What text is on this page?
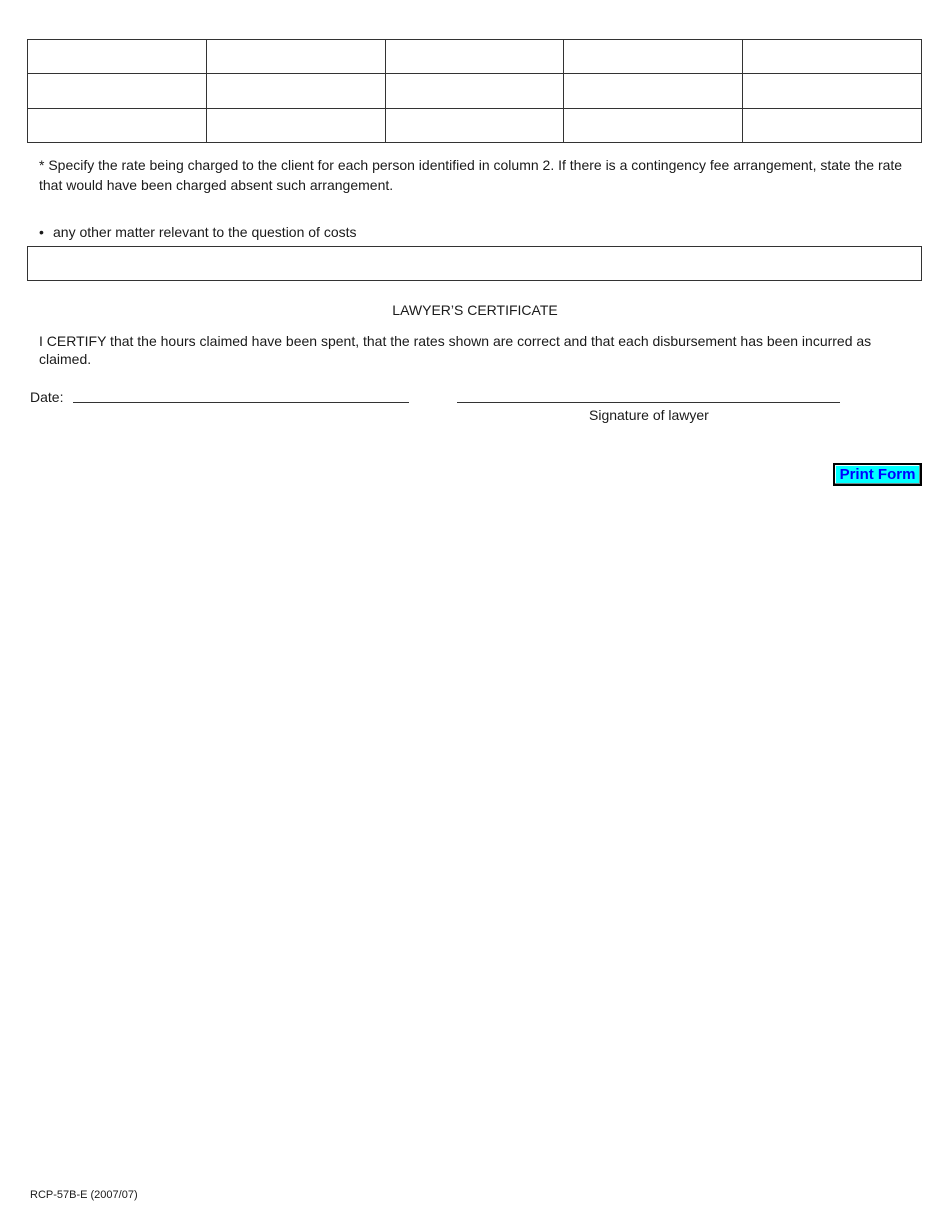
* Specify the rate being charged to the client for each person identified in column 2. If there is a contingency fee arrangement, state the rate that would have been charged absent such arrangement.
• any other matter relevant to the question of costs
LAWYER’S CERTIFICATE
I CERTIFY that the hours claimed have been spent, that the rates shown are correct and that each disbursement has been incurred as claimed.
Date:
Signature of lawyer
Print Form
RCP-57B-E (2007/07)
